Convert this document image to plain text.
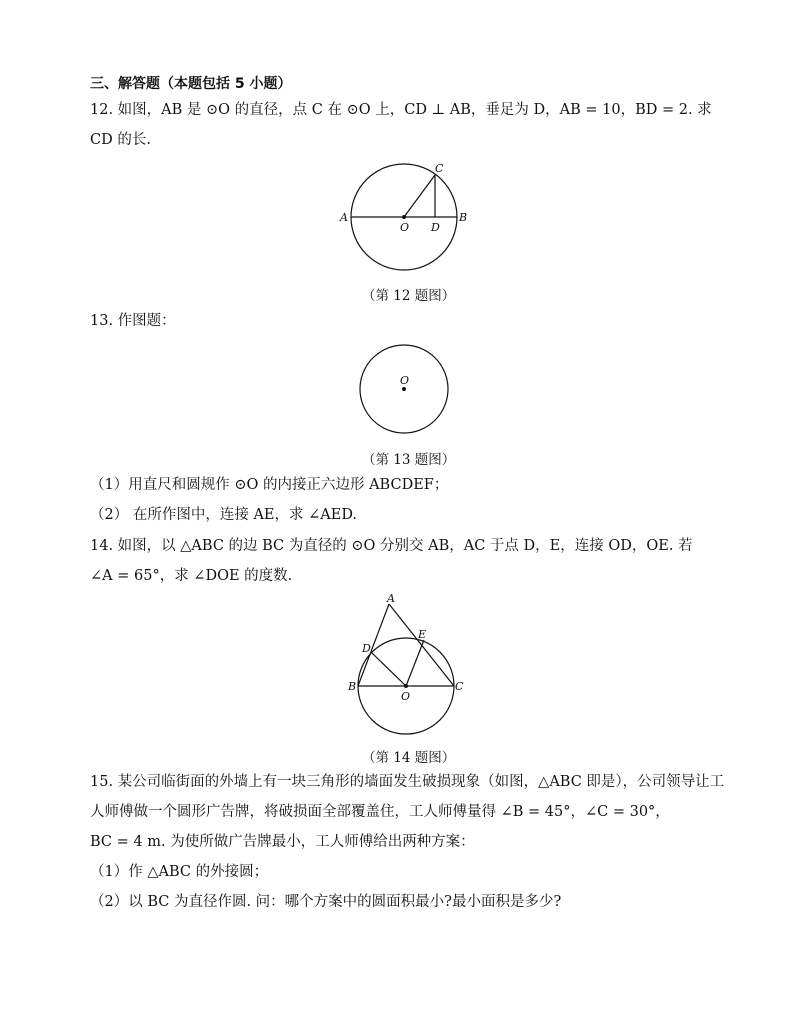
三、解答题（本题包括 5 小题）
12. 如图，AB 是 ⊙O 的直径，点 C 在 ⊙O 上，CD ⊥ AB，垂足为 D，AB = 10，BD = 2. 求
CD 的长.
A	B
C
D
O
（第 12 题图）
13. 作图题：
O
（第 13 题图）
（1）用直尺和圆规作 ⊙O 的内接正六边形 ABCDEF；
（2） 在所作图中，连接 AE，求 ∠AED.
14. 如图，以 △ABC 的边 BC 为直径的 ⊙O 分别交 AB，AC 于点 D，E，连接 OD，OE. 若
∠A = 65°，求 ∠DOE 的度数.
A
B	C
D
E
O
（第 14 题图）
15. 某公司临街面的外墙上有一块三角形的墙面发生破损现象（如图，△ABC 即是），公司领导让工
人师傅做一个圆形广告牌，将破损面全部覆盖住，工人师傅量得 ∠B = 45°，∠C = 30°，
BC = 4 m. 为使所做广告牌最小，工人师傅给出两种方案：
（1）作 △ABC 的外接圆；
（2）以 BC 为直径作圆. 问：哪个方案中的圆面积最小?最小面积是多少?
